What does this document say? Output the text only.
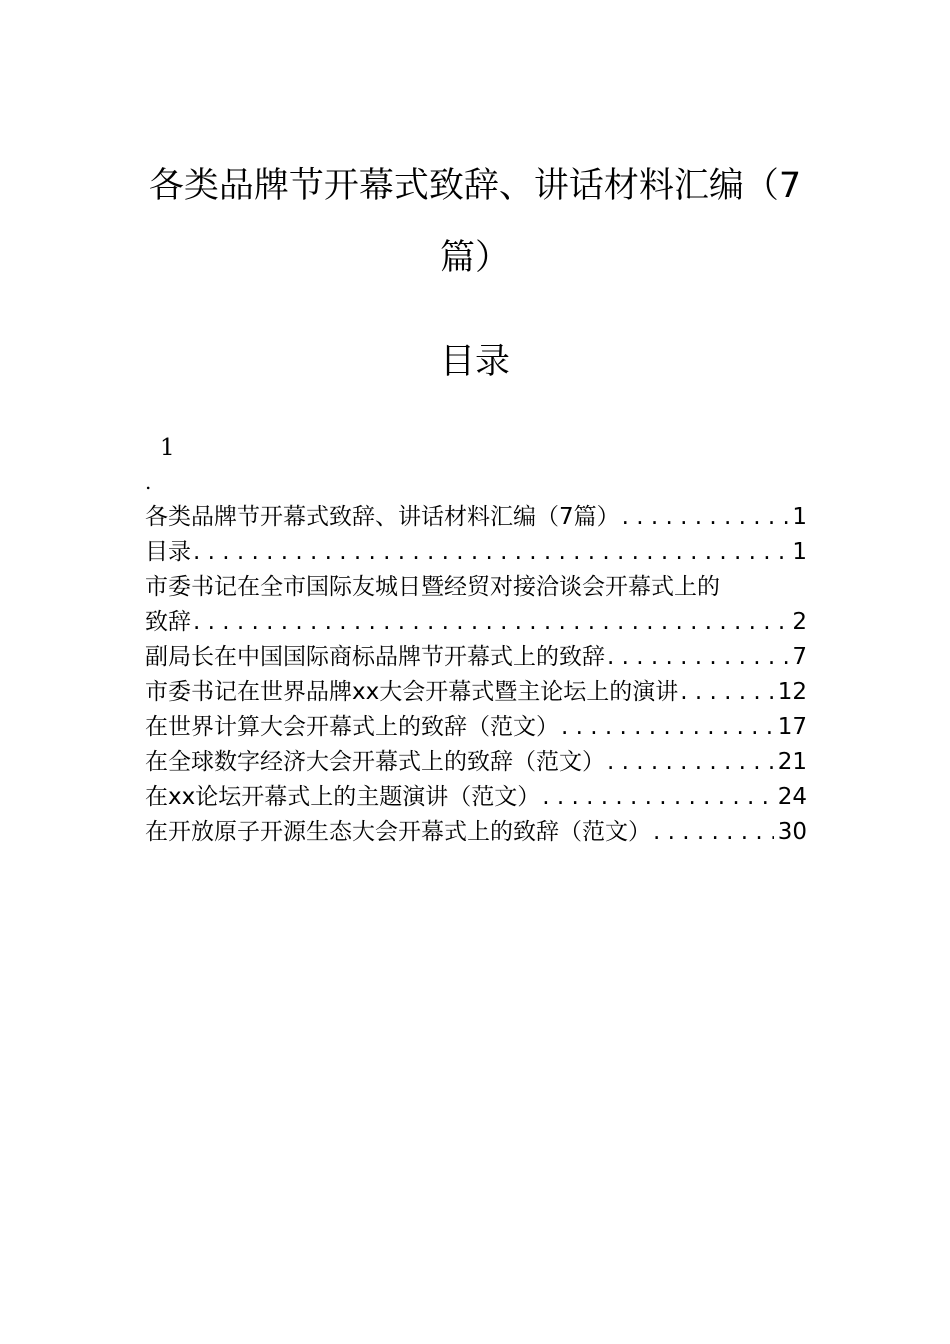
各类品牌节开幕式致辞、讲话材料汇编（7
篇）
目录
1
.
各类品牌节开幕式致辞、讲话材料汇编（7篇） . . .	1
目录 . . .	1
市委书记在全市国际友城日暨经贸对接洽谈会开幕式上的
致辞 . . .	2
副局长在中国国际商标品牌节开幕式上的致辞 . . .	7
市委书记在世界品牌xx大会开幕式暨主论坛上的演讲 . . .	12
在世界计算大会开幕式上的致辞（范文） . . .	17
在全球数字经济大会开幕式上的致辞（范文） . . .	21
在xx论坛开幕式上的主题演讲（范文） . . .	24
在开放原子开源生态大会开幕式上的致辞（范文） . . .	30
